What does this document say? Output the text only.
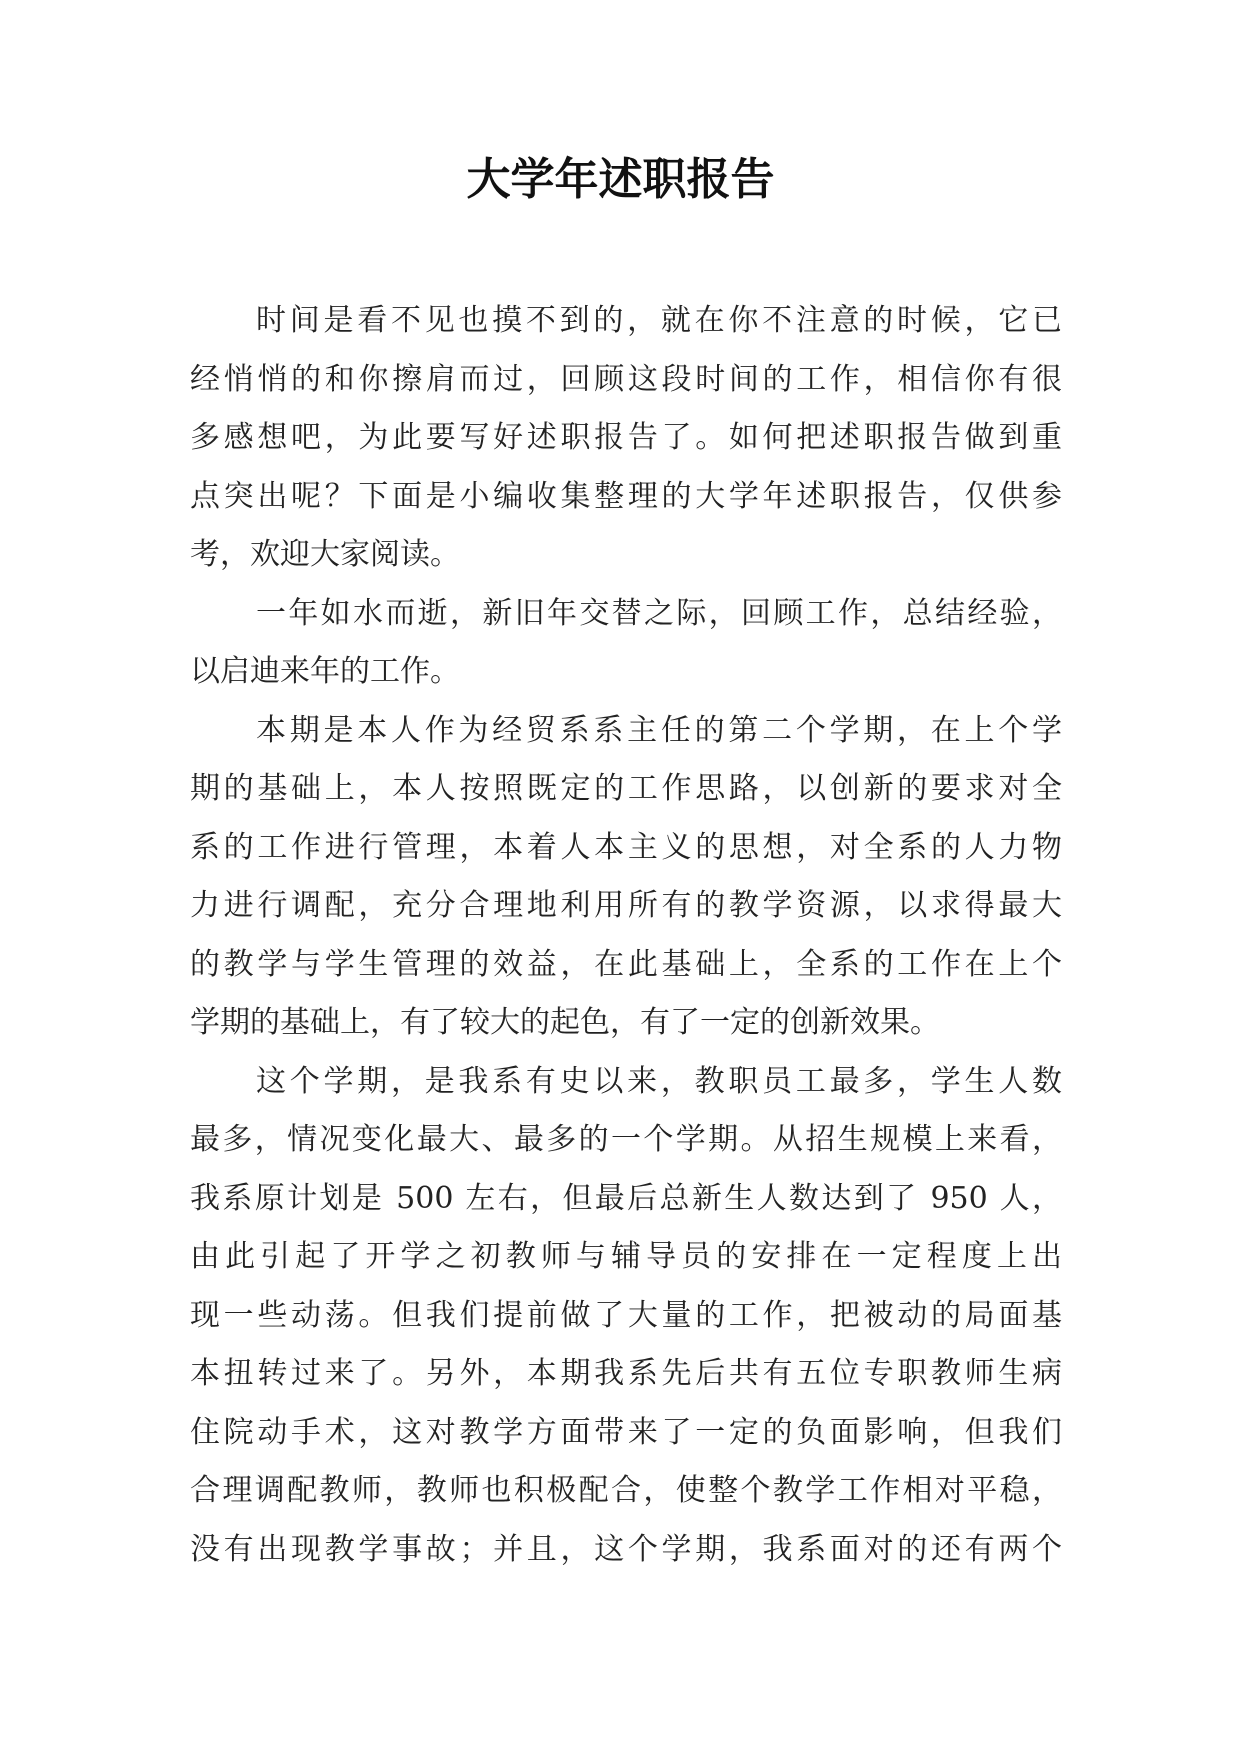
大学年述职报告
时间是看不见也摸不到的，就在你不注意的时候，它已
经悄悄的和你擦肩而过，回顾这段时间的工作，相信你有很
多感想吧，为此要写好述职报告了。如何把述职报告做到重
点突出呢？下面是小编收集整理的大学年述职报告，仅供参
考，欢迎大家阅读。
一年如水而逝，新旧年交替之际，回顾工作，总结经验，
以启迪来年的工作。
本期是本人作为经贸系系主任的第二个学期，在上个学
期的基础上，本人按照既定的工作思路，以创新的要求对全
系的工作进行管理，本着人本主义的思想，对全系的人力物
力进行调配，充分合理地利用所有的教学资源，以求得最大
的教学与学生管理的效益，在此基础上，全系的工作在上个
学期的基础上，有了较大的起色，有了一定的创新效果。
这个学期，是我系有史以来，教职员工最多，学生人数
最多，情况变化最大、最多的一个学期。从招生规模上来看，
我系原计划是 500 左右，但最后总新生人数达到了 950 人，
由此引起了开学之初教师与辅导员的安排在一定程度上出
现一些动荡。但我们提前做了大量的工作，把被动的局面基
本扭转过来了。另外，本期我系先后共有五位专职教师生病
住院动手术，这对教学方面带来了一定的负面影响，但我们
合理调配教师，教师也积极配合，使整个教学工作相对平稳，
没有出现教学事故；并且，这个学期，我系面对的还有两个
